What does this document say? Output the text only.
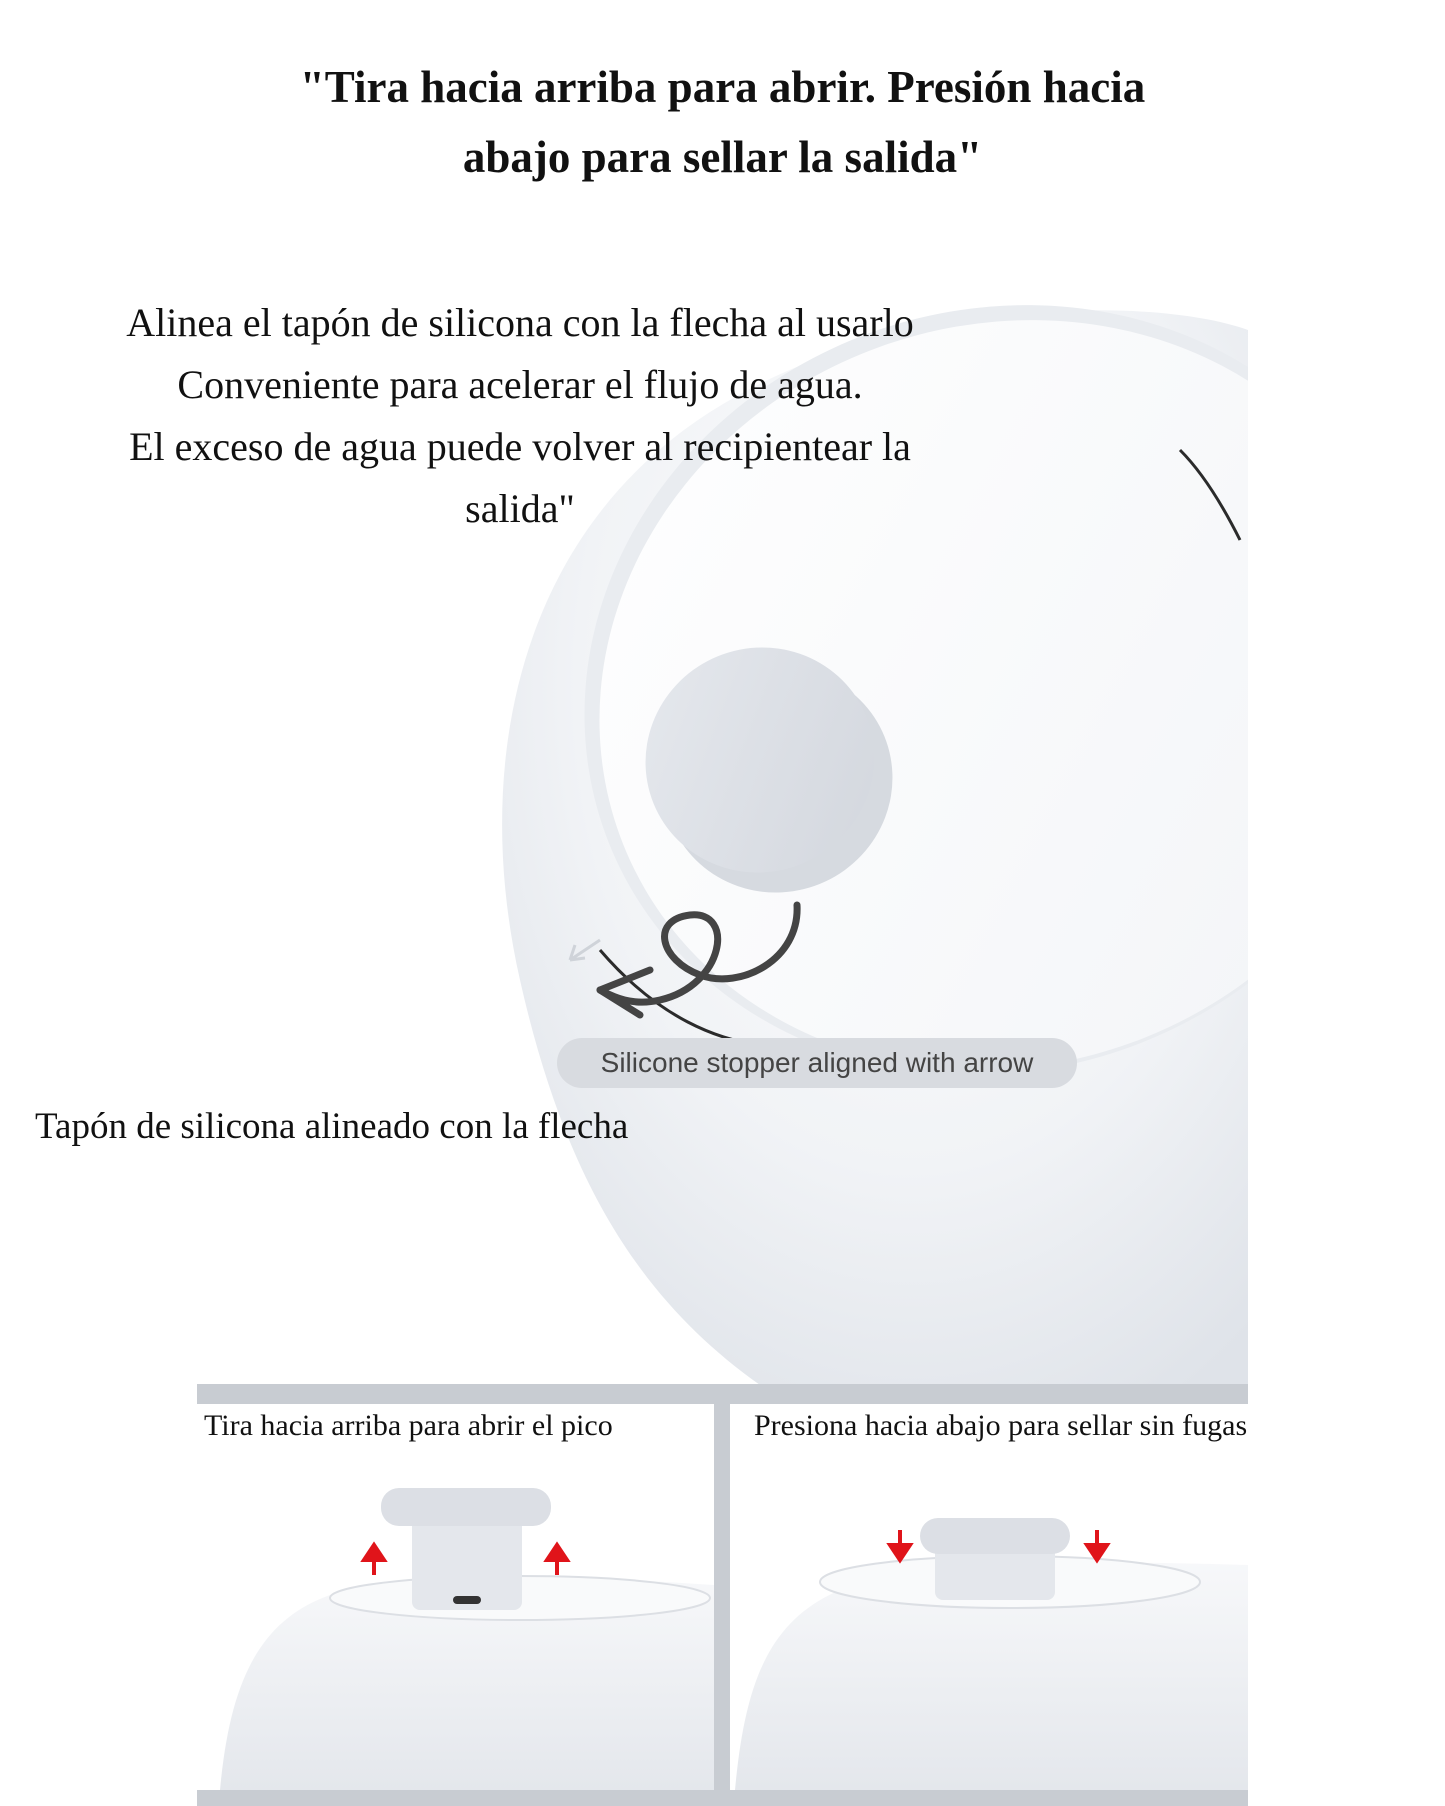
"Tira hacia arriba para abrir. Presión hacia
abajo para sellar la salida"
Alinea el tapón de silicona con la flecha al usarlo
Conveniente para acelerar el flujo de agua.
El exceso de agua puede volver al recipientear la
salida"
Silicone stopper aligned with arrow
Tapón de silicona alineado con la flecha
Tira hacia arriba para abrir el pico	Presiona hacia abajo para sellar sin fugas
